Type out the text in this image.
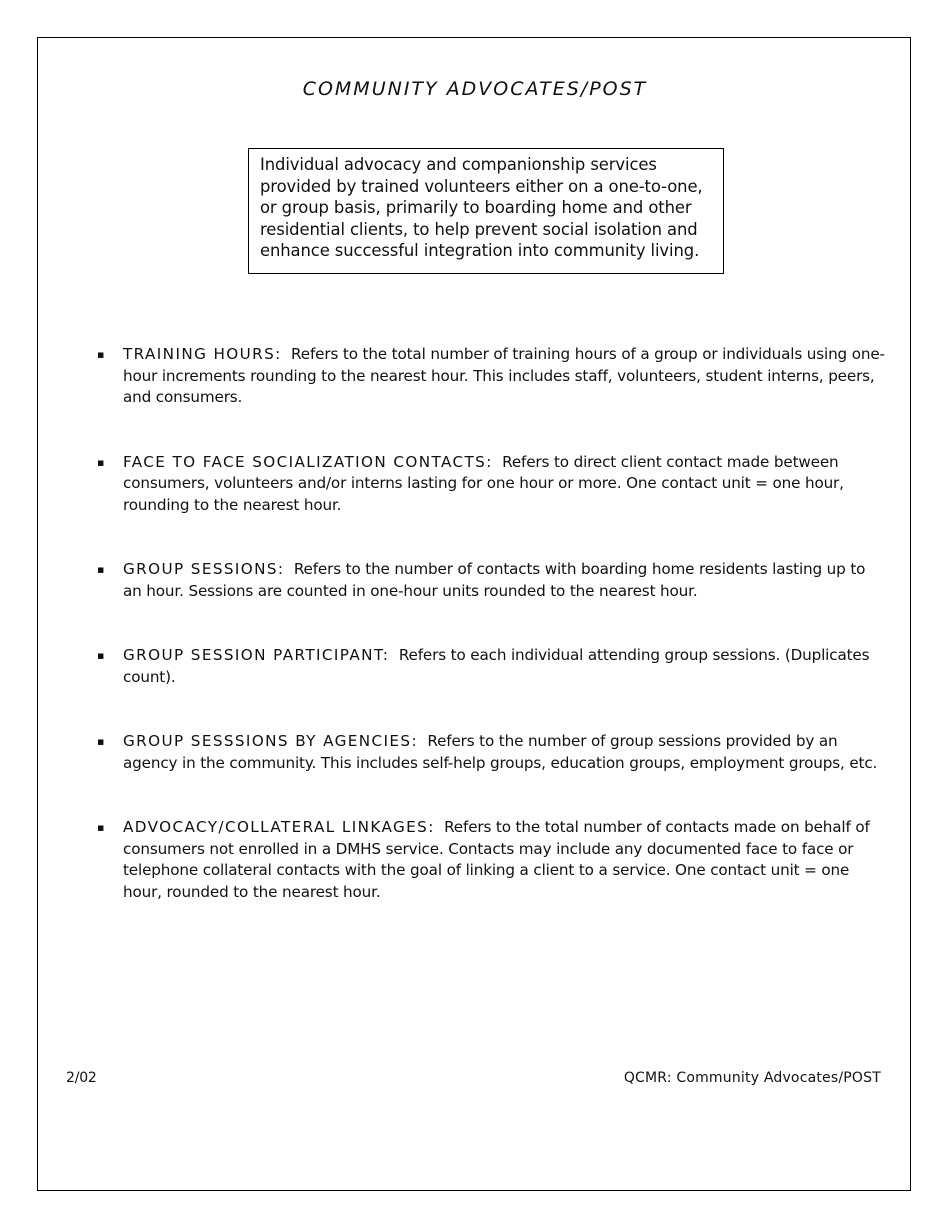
COMMUNITY ADVOCATES/POST
Individual advocacy and companionship services provided by trained volunteers either on a one-to-one, or group basis, primarily to boarding home and other residential clients, to help prevent social isolation and enhance successful integration into community living.
▪ TRAINING HOURS: Refers to the total number of training hours of a group or individuals using one-hour increments rounding to the nearest hour. This includes staff, volunteers, student interns, peers, and consumers.
▪ FACE TO FACE SOCIALIZATION CONTACTS: Refers to direct client contact made between consumers, volunteers and/or interns lasting for one hour or more. One contact unit = one hour, rounding to the nearest hour.
▪ GROUP SESSIONS: Refers to the number of contacts with boarding home residents lasting up to an hour. Sessions are counted in one-hour units rounded to the nearest hour.
▪ GROUP SESSION PARTICIPANT: Refers to each individual attending group sessions. (Duplicates count).
▪ GROUP SESSSIONS BY AGENCIES: Refers to the number of group sessions provided by an agency in the community. This includes self-help groups, education groups, employment groups, etc.
▪ ADVOCACY/COLLATERAL LINKAGES: Refers to the total number of contacts made on behalf of consumers not enrolled in a DMHS service. Contacts may include any documented face to face or telephone collateral contacts with the goal of linking a client to a service. One contact unit = one hour, rounded to the nearest hour.
2/02	QCMR: Community Advocates/POST
